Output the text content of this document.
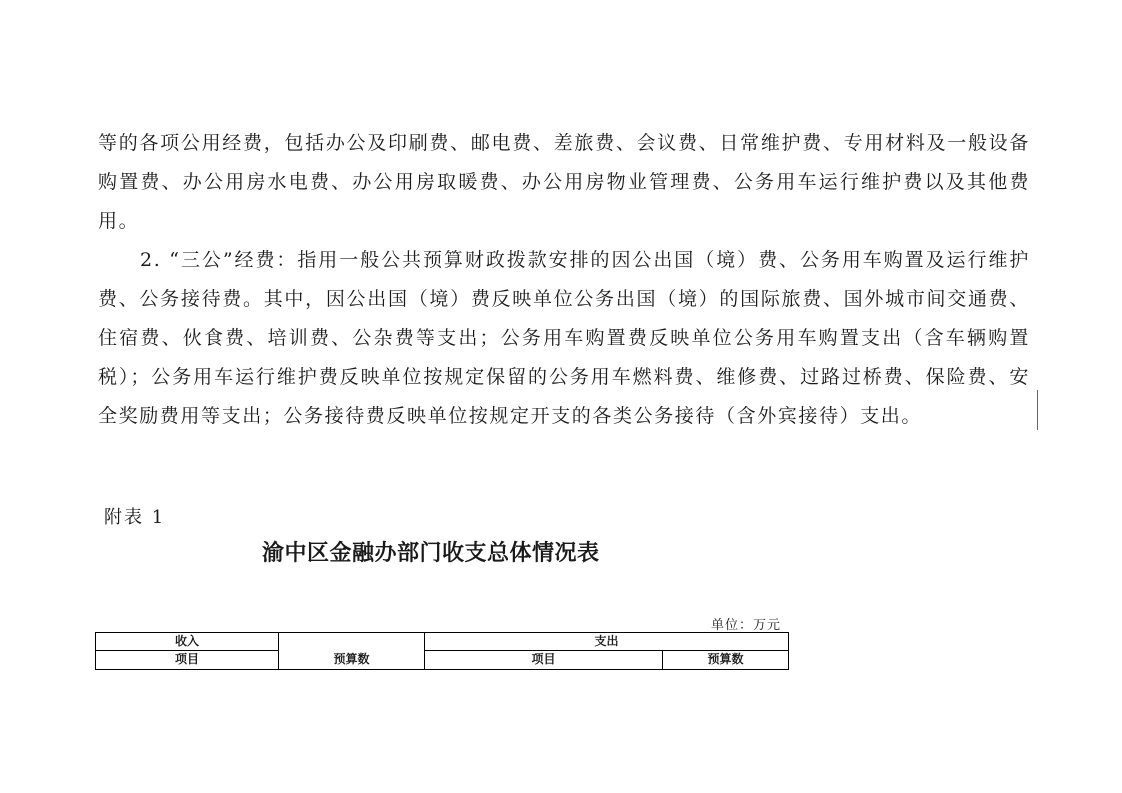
等的各项公用经费，包括办公及印刷费、邮电费、差旅费、会议费、日常维护费、专用材料及一般设备购置费、办公用房水电费、办公用房取暖费、办公用房物业管理费、公务用车运行维护费以及其他费用。

2. “三公”经费：指用一般公共预算财政拨款安排的因公出国（境）费、公务用车购置及运行维护费、公务接待费。其中，因公出国（境）费反映单位公务出国（境）的国际旅费、国外城市间交通费、住宿费、伙食费、培训费、公杂费等支出；公务用车购置费反映单位公务用车购置支出（含车辆购置税）；公务用车运行维护费反映单位按规定保留的公务用车燃料费、维修费、过路过桥费、保险费、安全奖励费用等支出；公务接待费反映单位按规定开支的各类公务接待（含外宾接待）支出。

附表 1
渝中区金融办部门收支总体情况表
单位：万元
收入	支出
项目	预算数	项目	预算数
